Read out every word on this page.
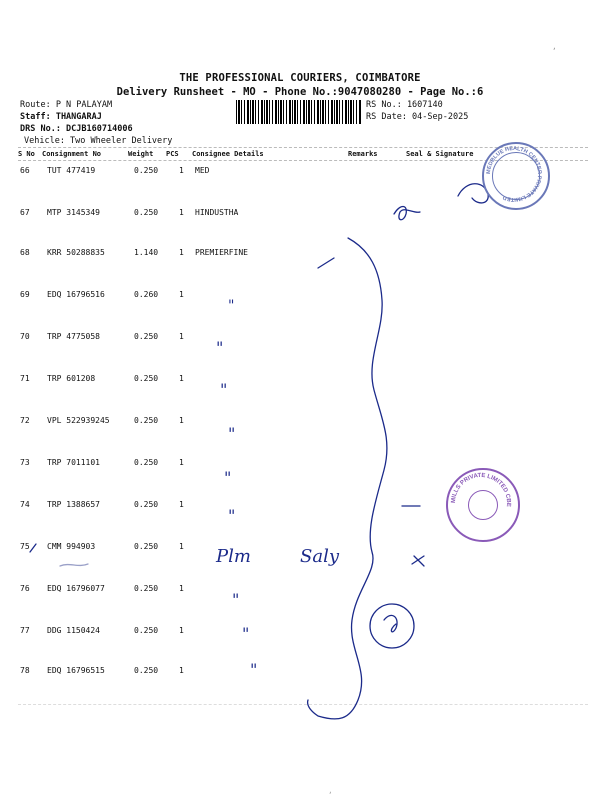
THE PROFESSIONAL COURIERS, COIMBATORE
Delivery Runsheet - MO - Phone No.:9047080280 - Page No.:6
Route: P N PALAYAM
Staff: THANGARAJ
DRS No.: DCJB160714006
Vehicle: Two Wheeler Delivery
RS No.: 1607140
RS Date: 04-Sep-2025
S No Consignment No	Weight PCS Consignee Details	Remarks	Seal & Signature
66 TUT 477419	0.250	1 MED
67 MTP 3145349	0.250	1 HINDUSTHA
68 KRR 50288835	1.140	1 PREMIERFINE
69 EDQ 16796516	0.260	1
70 TRP 4775058	0.250	1
71 TRP 601208	0.250	1
72 VPL 522939245	0.250	1
73 TRP 7011101	0.250	1
74 TRP 1388657	0.250	1
75 CMM 994903	0.250	1
76 EDQ 16796077	0.250	1
77 DDG 1150424	0.250	1
78 EDQ 16796515	0.250	1
"
"
"
"
"
"
"
"
"
Plm	Saly
MEDBLUE HEALTH CENTER PRIVATE LIMITED
MILLS PRIVATE LIMITED CBE
‚
‚
